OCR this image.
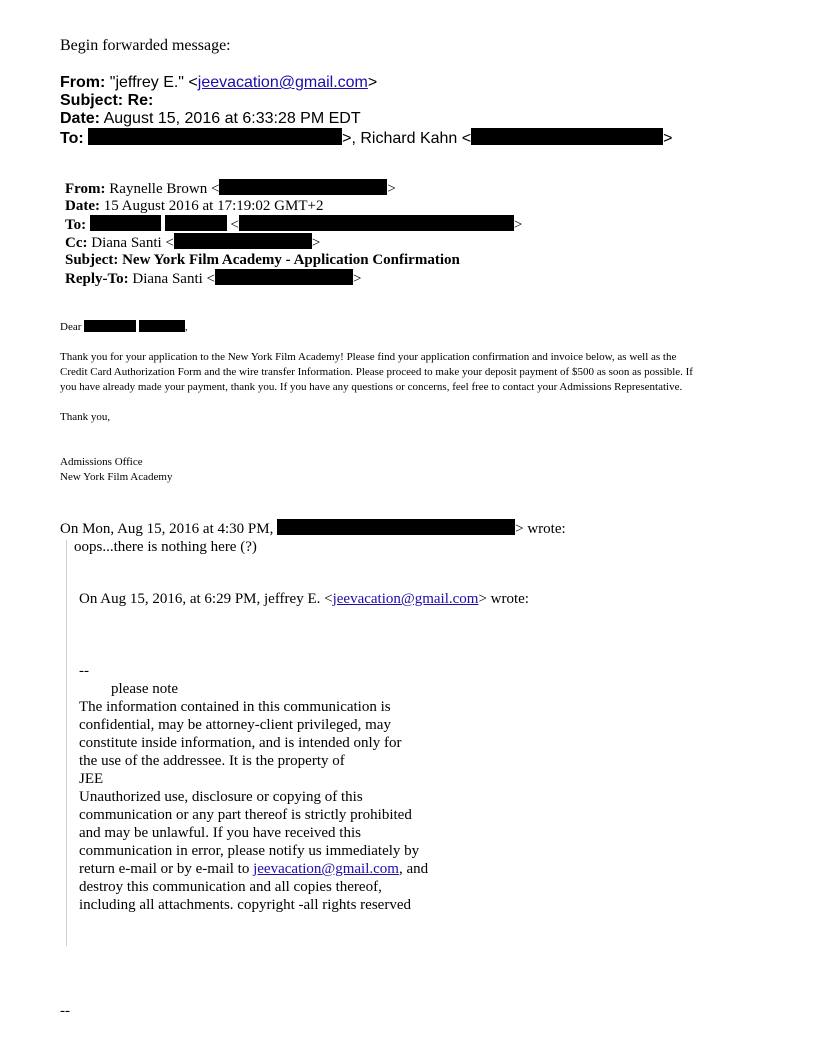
Begin forwarded message:
From: "jeffrey E." <jeevacation@gmail.com>
Subject: Re:
Date: August 15, 2016 at 6:33:28 PM EDT
To:	>, Richard Kahn <	>
From: Raynelle Brown <	>
Date: 15 August 2016 at 17:19:02 GMT+2
To:	<	>
Cc: Diana Santi <	>
Subject: New York Film Academy - Application Confirmation
Reply-To: Diana Santi <	>
Dear	,
Thank you for your application to the New York Film Academy! Please find your application confirmation and invoice below, as well as the
Credit Card Authorization Form and the wire transfer Information. Please proceed to make your deposit payment of $500 as soon as possible. If
you have already made your payment, thank you. If you have any questions or concerns, feel free to contact your Admissions Representative.
Thank you,
Admissions Office
New York Film Academy
On Mon, Aug 15, 2016 at 4:30 PM,	> wrote:
oops...there is nothing here (?)
On Aug 15, 2016, at 6:29 PM, jeffrey E. <jeevacation@gmail.com> wrote:
--
please note
The information contained in this communication is
confidential, may be attorney-client privileged, may
constitute inside information, and is intended only for
the use of the addressee. It is the property of
JEE
Unauthorized use, disclosure or copying of this
communication or any part thereof is strictly prohibited
and may be unlawful. If you have received this
communication in error, please notify us immediately by
return e-mail or by e-mail to jeevacation@gmail.com, and
destroy this communication and all copies thereof,
including all attachments. copyright -all rights reserved
--
